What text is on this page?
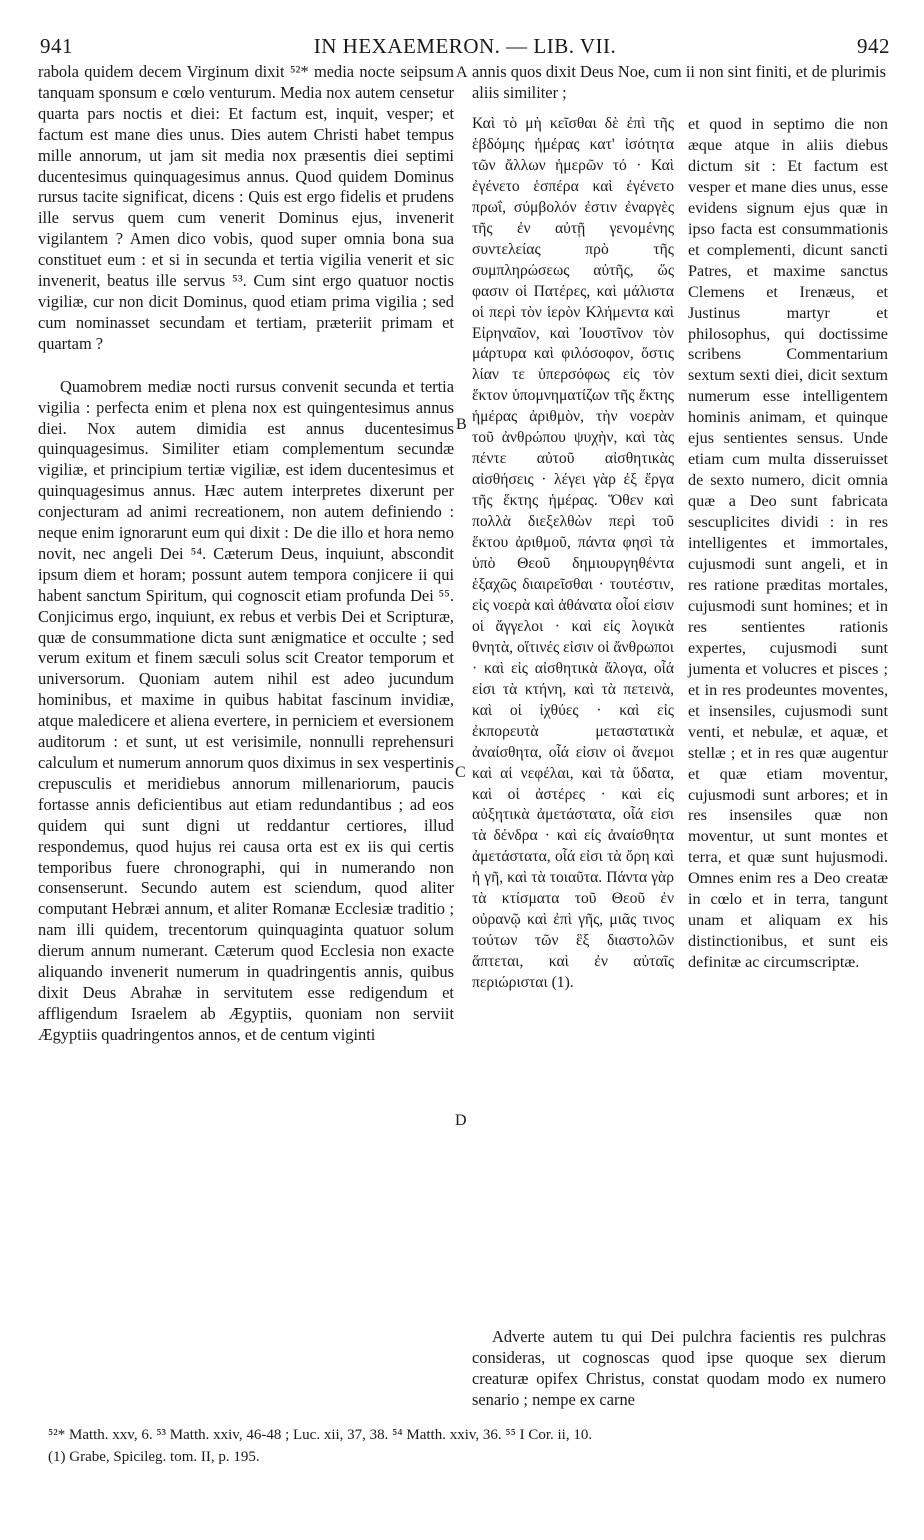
941	IN HEXAEMERON. — LIB. VII.	942

rabola quidem decem Virginum dixit ⁵²* media nocte seipsum tanquam sponsum e cœlo venturum. Media nox autem censetur quarta pars noctis et diei: Et factum est, inquit, vesper; et factum est mane dies unus. Dies autem Christi habet tempus mille annorum, ut jam sit media nox præsentis diei septimi ducentesimus quinquagesimus annus. Quod quidem Dominus rursus tacite significat, dicens : Quis est ergo fidelis et prudens ille servus quem cum venerit Dominus ejus, invenerit vigilantem ? Amen dico vobis, quod super omnia bona sua constituet eum : et si in secunda et tertia vigilia venerit et sic invenerit, beatus ille servus ⁵³. Cum sint ergo quatuor noctis vigiliæ, cur non dicit Dominus, quod etiam prima vigilia ; sed cum nominasset secundam et tertiam, præteriit primam et quartam ?

Quamobrem mediæ nocti rursus convenit secunda et tertia vigilia : perfecta enim et plena nox est quingentesimus annus diei. Nox autem dimidia est annus ducentesimus quinquagesimus. Similiter etiam complementum secundæ vigiliæ, et principium tertiæ vigiliæ, est idem ducentesimus et quinquagesimus annus. Hæc autem interpretes dixerunt per conjecturam ad animi recreationem, non autem definiendo : neque enim ignorarunt eum qui dixit : De die illo et hora nemo novit, nec angeli Dei ⁵⁴. Cæterum Deus, inquiunt, abscondit ipsum diem et horam; possunt autem tempora conjicere ii qui habent sanctum Spiritum, qui cognoscit etiam profunda Dei ⁵⁵. Conjicimus ergo, inquiunt, ex rebus et verbis Dei et Scripturæ, quæ de consummatione dicta sunt ænigmatice et occulte ; sed verum exitum et finem sæculi solus scit Creator temporum et universorum. Quoniam autem nihil est adeo jucundum hominibus, et maxime in quibus habitat fascinum invidiæ, atque maledicere et aliena evertere, in perniciem et eversionem auditorum : et sunt, ut est verisimile, nonnulli reprehensuri calculum et numerum annorum quos diximus in sex vespertinis crepusculis et meridiebus annorum millenariorum, paucis fortasse annis deficientibus aut etiam redundantibus ; ad eos quidem qui sunt digni ut reddantur certiores, illud respondemus, quod hujus rei causa orta est ex iis qui certis temporibus fuere chronographi, qui in numerando non consenserunt. Secundo autem est sciendum, quod aliter computant Hebræi annum, et aliter Romanæ Ecclesiæ traditio ; nam illi quidem, trecentorum quinquaginta quatuor solum dierum annum numerant. Cæterum quod Ecclesia non exacte aliquando invenerit numerum in quadringentis annis, quibus dixit Deus Abrahæ in servitutem esse redigendum et affligendum Israelem ab Ægyptiis, quoniam non serviit Ægyptiis quadringentos annos, et de centum viginti

A
B
C
D
annis quos dixit Deus Noe, cum ii non sint finiti, et de plurimis aliis similiter ;
Καὶ τὸ μὴ κεῖσθαι δὲ ἐπὶ τῆς ἑβδόμης ἡμέρας κατ' ἰσότητα τῶν ἄλλων ἡμερῶν τό · Καὶ ἐγένετο ἑσπέρα καὶ ἐγένετο πρωΐ, σύμβολόν ἐστιν ἐναργὲς τῆς ἐν αὐτῇ γενομένης συντελείας πρὸ τῆς συμπληρώσεως αὐτῆς, ὥς φασιν οἱ Πατέρες, καὶ μάλιστα οἱ περὶ τὸν ἱερὸν Κλήμεντα καὶ Εἰρηναῖον, καὶ Ἰουστῖνον τὸν μάρτυρα καὶ φιλόσοφον, ὅστις λίαν τε ὑπερσόφως εἰς τὸν ἕκτον ὑπομνηματίζων τῆς ἕκτης ἡμέρας ἀριθμὸν, τὴν νοερὰν τοῦ ἀνθρώπου ψυχὴν, καὶ τὰς πέντε αὐτοῦ αἰσθητικὰς αἰσθήσεις · λέγει γὰρ ἐξ ἔργα τῆς ἕκτης ἡμέρας. Ὅθεν καὶ πολλὰ διεξελθὼν περὶ τοῦ ἕκτου ἀριθμοῦ, πάντα φησὶ τὰ ὑπὸ Θεοῦ δημιουργηθέντα ἑξαχῶς διαιρεῖσθαι · τουτέστιν, εἰς νοερὰ καὶ ἀθάνατα οἷοί εἰσιν οἱ ἄγγελοι · καὶ εἰς λογικὰ θνητὰ, οἵτινές εἰσιν οἱ ἄνθρωποι · καὶ εἰς αἰσθητικὰ ἄλογα, οἷά εἰσι τὰ κτήνη, καὶ τὰ πετεινὰ, καὶ οἱ ἰχθύες · καὶ εἰς ἐκπορευτὰ μεταστατικὰ ἀναίσθητα, οἷά εἰσιν οἱ ἄνεμοι καὶ αἱ νεφέλαι, καὶ τὰ ὕδατα, καὶ οἱ ἀστέρες · καὶ εἰς αὐξητικὰ ἀμετάστατα, οἷά εἰσι τὰ δένδρα · καὶ εἰς ἀναίσθητα ἀμετάστατα, οἷά εἰσι τὰ ὄρη καὶ ἡ γῆ, καὶ τὰ τοιαῦτα. Πάντα γὰρ τὰ κτίσματα τοῦ Θεοῦ ἐν οὐρανῷ καὶ ἐπὶ γῆς, μιᾶς τινος τούτων τῶν ἓξ διαστολῶν ἅπτεται, καὶ ἐν αὐταῖς περιώρισται (1).
et quod in septimo die non æque atque in aliis diebus dictum sit : Et factum est vesper et mane dies unus, esse evidens signum ejus quæ in ipso facta est consummationis et complementi, dicunt sancti Patres, et maxime sanctus Clemens et Irenæus, et Justinus martyr et philosophus, qui doctissime scribens Commentarium sextum sexti diei, dicit sextum numerum esse intelligentem hominis animam, et quinque ejus sentientes sensus. Unde etiam cum multa disseruisset de sexto numero, dicit omnia quæ a Deo sunt fabricata sescuplicites dividi : in res intelligentes et immortales, cujusmodi sunt angeli, et in res ratione præditas mortales, cujusmodi sunt homines; et in res sentientes rationis expertes, cujusmodi sunt jumenta et volucres et pisces ; et in res prodeuntes moventes, et insensiles, cujusmodi sunt venti, et nebulæ, et aquæ, et stellæ ; et in res quæ augentur et quæ etiam moventur, cujusmodi sunt arbores; et in res insensiles quæ non moventur, ut sunt montes et terra, et quæ sunt hujusmodi. Omnes enim res a Deo creatæ in cœlo et in terra, tangunt unam et aliquam ex his distinctionibus, et sunt eis definitæ ac circumscriptæ.
Adverte autem tu qui Dei pulchra facientis res pulchras consideras, ut cognoscas quod ipse quoque sex dierum creaturæ opifex Christus, constat quodam modo ex numero senario ; nempe ex carne
⁵²* Matth. xxv, 6. ⁵³ Matth. xxiv, 46-48 ; Luc. xii, 37, 38. ⁵⁴ Matth. xxiv, 36. ⁵⁵ I Cor. ii, 10.
(1) Grabe, Spicileg. tom. II, p. 195.
